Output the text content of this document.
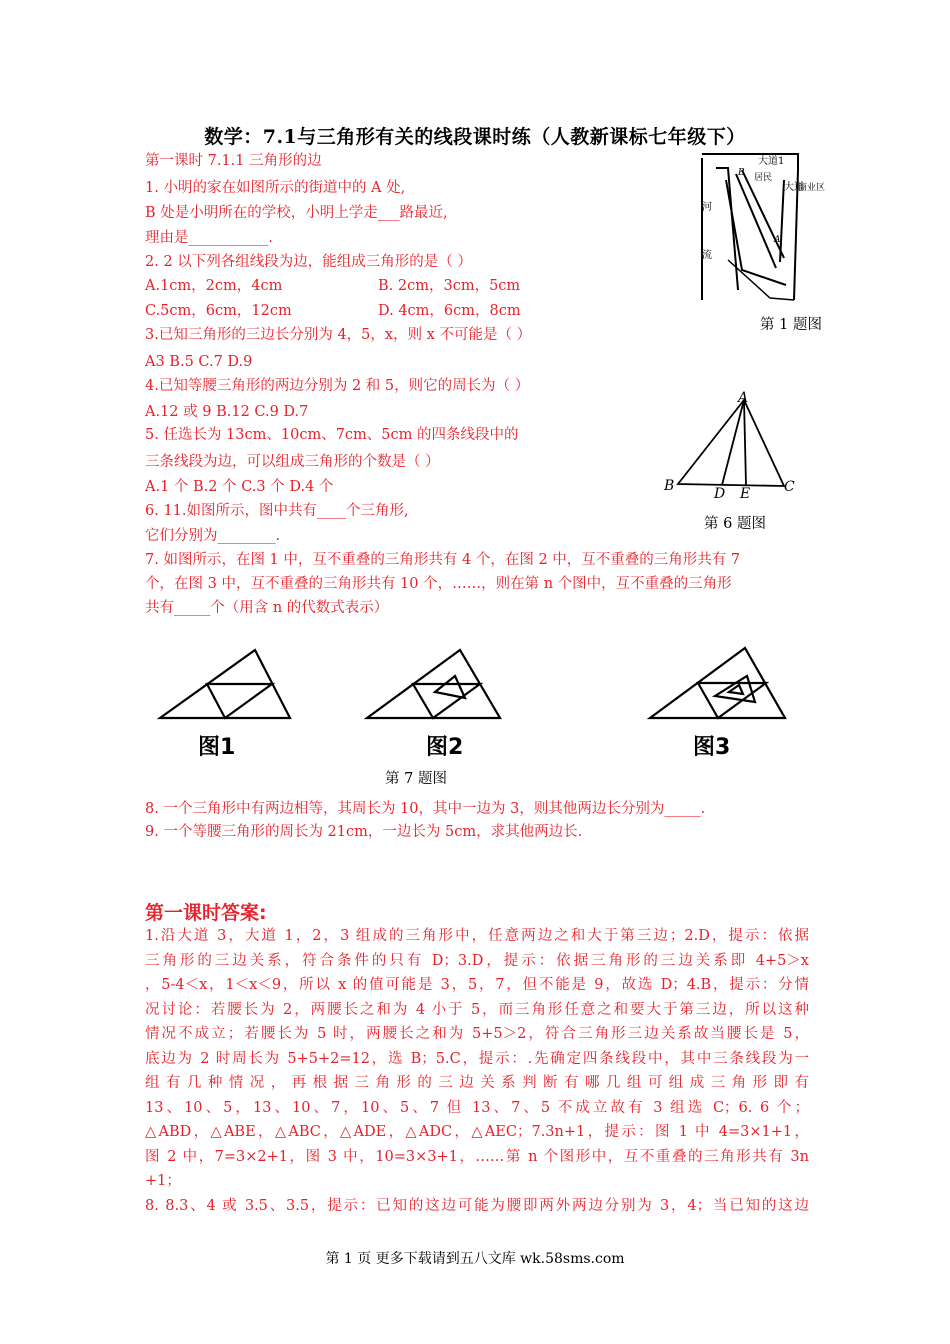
数学：7.1与三角形有关的线段课时练（人教新课标七年级下）
第一课时 7.1.1 三角形的边
1. 小明的家在如图所示的街道中的 A 处,
B 处是小明所在的学校，小明上学走___路最近,
理由是___________.
2. 2 以下列各组线段为边，能组成三角形的是（ ）
A.1cm，2cm，4cm	B. 2cm，3cm，5cm
C.5cm，6cm，12cm	D. 4cm，6cm，8cm
3.已知三角形的三边长分别为 4，5，x，则 x 不可能是（ ）
A3 B.5 C.7 D.9
4.已知等腰三角形的两边分别为 2 和 5，则它的周长为（ ）
A.12 或 9 B.12 C.9 D.7
5. 任选长为 13cm、10cm、7cm、5cm 的四条线段中的
三条线段为边，可以组成三角形的个数是（ ）
A.1 个 B.2 个 C.3 个 D.4 个
6. 11.如图所示，图中共有____个三角形,
它们分别为________.
7. 如图所示，在图 1 中，互不重叠的三角形共有 4 个，在图 2 中，互不重叠的三角形共有 7
个，在图 3 中，互不重叠的三角形共有 10 个，……，则在第 n 个图中，互不重叠的三角形
共有_____个（用含 n 的代数式表示）
大道1
河
流
居民
大道
商业区
B
A
第 1 题图
A
B	D E C
第 6 题图
图1	图2	图3
第 7 题图
8. 一个三角形中有两边相等，其周长为 10，其中一边为 3，则其他两边长分别为_____.
9. 一个等腰三角形的周长为 21cm，一边长为 5cm，求其他两边长.
第一课时答案:
1.沿大道 3，大道 1，2，3 组成的三角形中，任意两边之和大于第三边；2.D，提示：依据
三角形的三边关系，符合条件的只有 D；3.D，提示：依据三角形的三边关系即 4+5＞x
，5-4＜x，1＜x＜9，所以 x 的值可能是 3，5，7，但不能是 9，故选 D；4.B，提示：分情
况讨论：若腰长为 2，两腰长之和为 4 小于 5，而三角形任意之和要大于第三边，所以这种
情况不成立；若腰长为 5 时，两腰长之和为 5+5＞2，符合三角形三边关系故当腰长是 5，
底边为 2 时周长为 5+5+2=12，选 B；5.C，提示：.先确定四条线段中，其中三条线段为一
组有几种情况，再根据三角形的三边关系判断有哪几组可组成三角形即有
13、10、5，13、10、7，10、5、7 但 13、7、5 不成立故有 3 组选 C；6. 6 个；
△ABD，△ABE，△ABC，△ADE，△ADC，△AEC；7.3n+1，提示：图 1 中 4=3×1+1，
图 2 中，7=3×2+1，图 3 中，10=3×3+1，……第 n 个图形中，互不重叠的三角形共有 3n
+1；
8. 8.3、4 或 3.5、3.5，提示：已知的这边可能为腰即两外两边分别为 3，4；当已知的这边
第 1 页 更多下载请到五八文库 wk.58sms.com
